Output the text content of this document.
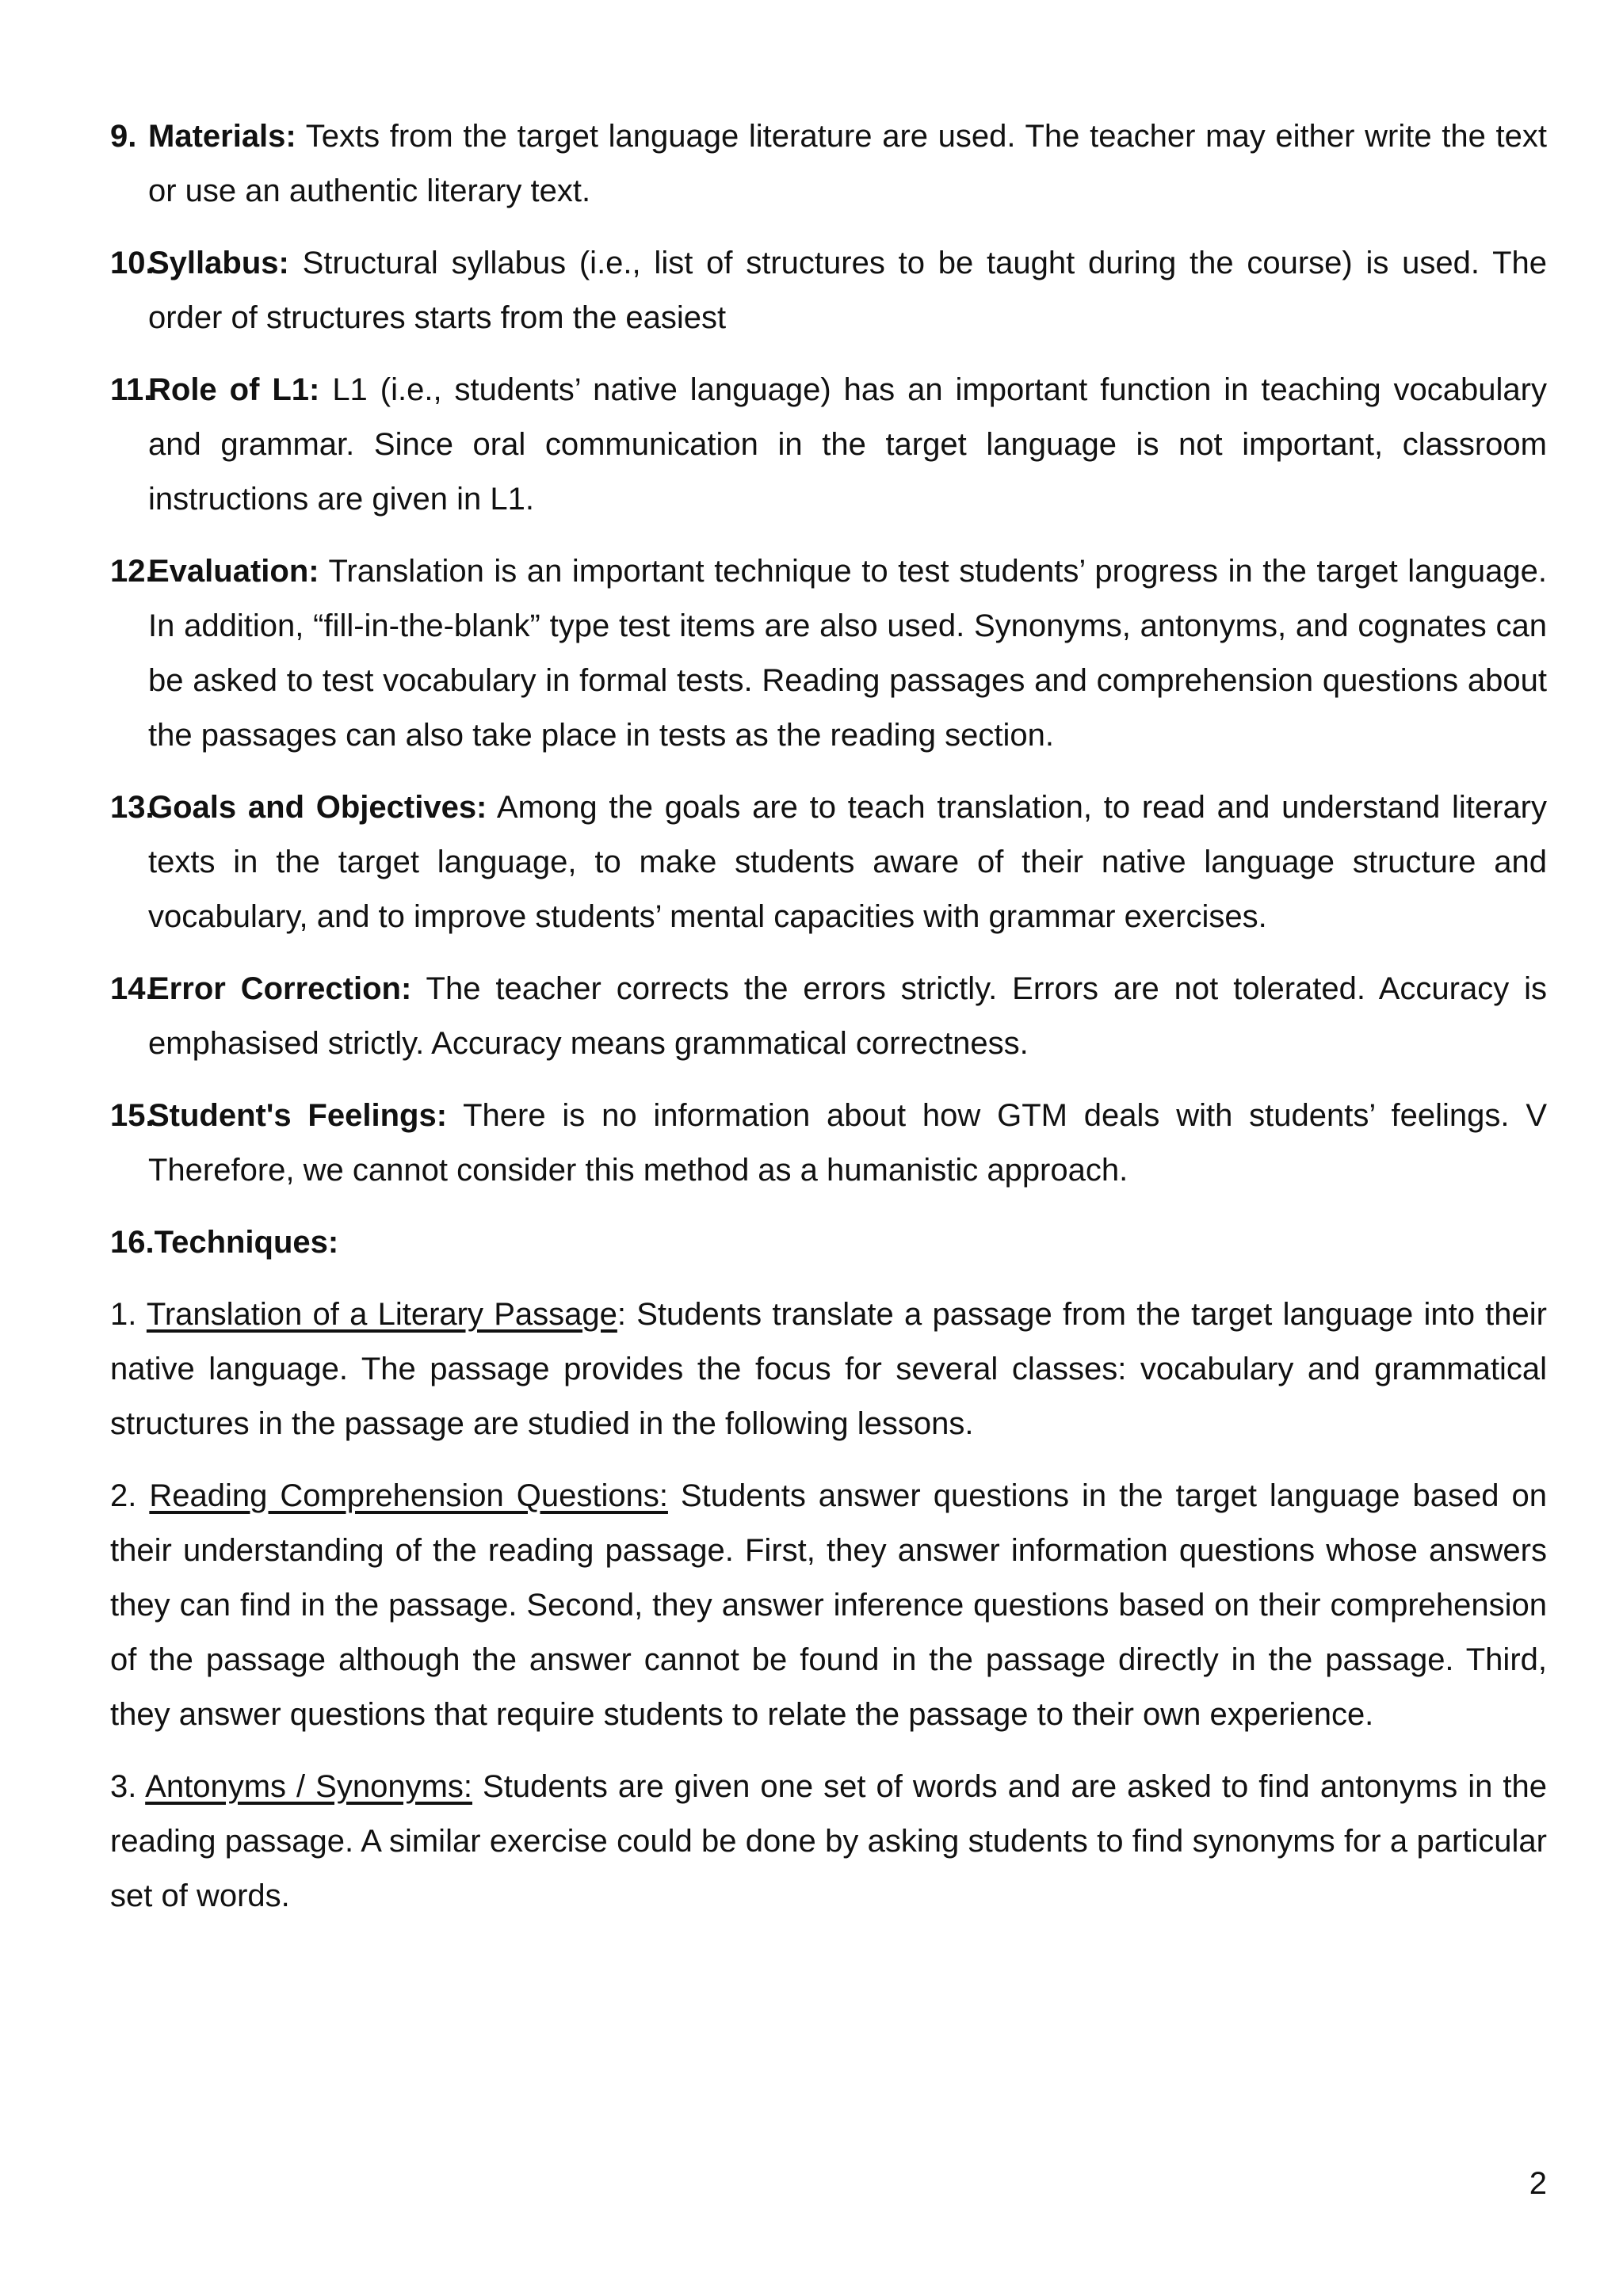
9. Materials: Texts from the target language literature are used. The teacher may either write the text or use an authentic literary text.
10.
Syllabus: Structural syllabus (i.e., list of structures to be taught during the course) is used. The order of structures starts from the easiest
11.
Role of L1: L1 (i.e., students’ native language) has an important function in teaching vocabulary and grammar. Since oral communication in the target language is not important, classroom instructions are given in L1.
12.
Evaluation: Translation is an important technique to test students’ progress in the target language. In addition, “fill-in-the-blank” type test items are also used. Synonyms, antonyms, and cognates can be asked to test vocabulary in formal tests. Reading passages and comprehension questions about the passages can also take place in tests as the reading section.
13.
Goals and Objectives: Among the goals are to teach translation, to read and understand literary texts in the target language, to make students aware of their native language structure and vocabulary, and to improve students’ mental capacities with grammar exercises.
14.
Error Correction: The teacher corrects the errors strictly. Errors are not tolerated. Accuracy is emphasised strictly. Accuracy means grammatical correctness.
15.
Student's Feelings: There is no information about how GTM deals with students’ feelings. V Therefore, we cannot consider this method as a humanistic approach.
16.Techniques:
1. Translation of a Literary Passage: Students translate a passage from the target language into their native language. The passage provides the focus for several classes: vocabulary and grammatical structures in the passage are studied in the following lessons.
2. Reading Comprehension Questions: Students answer questions in the target language based on their understanding of the reading passage. First, they answer information questions whose answers they can find in the passage. Second, they answer inference questions based on their comprehension of the passage although the answer cannot be found in the passage directly in the passage. Third, they answer questions that require students to relate the passage to their own experience.
3. Antonyms / Synonyms: Students are given one set of words and are asked to find antonyms in the reading passage. A similar exercise could be done by asking students to find synonyms for a particular set of words.
2
